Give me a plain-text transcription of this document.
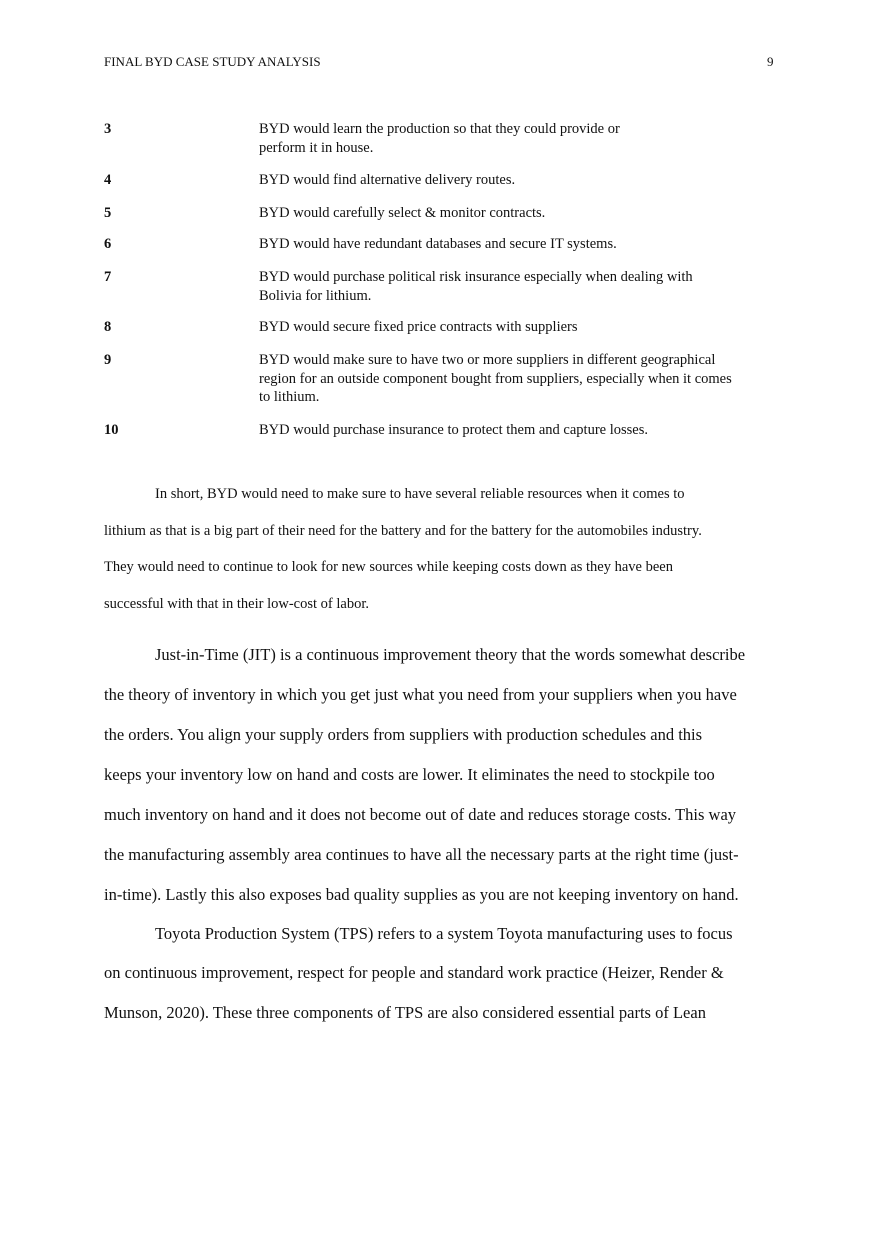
FINAL BYD CASE STUDY ANALYSIS	9
3	BYD would learn the production so that they could provide or
perform it in house.
4	BYD would find alternative delivery routes.
5	BYD would carefully select & monitor contracts.
6	BYD would have redundant databases and secure IT systems.
7	BYD would purchase political risk insurance especially when dealing with
Bolivia for lithium.
8	BYD would secure fixed price contracts with suppliers
9	BYD would make sure to have two or more suppliers in different geographical
region for an outside component bought from suppliers, especially when it comes
to lithium.
10	BYD would purchase insurance to protect them and capture losses.
In short, BYD would need to make sure to have several reliable resources when it comes to
lithium as that is a big part of their need for the battery and for the battery for the automobiles industry.
They would need to continue to look for new sources while keeping costs down as they have been
successful with that in their low-cost of labor.
Just-in-Time (JIT) is a continuous improvement theory that the words somewhat describe
the theory of inventory in which you get just what you need from your suppliers when you have
the orders. You align your supply orders from suppliers with production schedules and this
keeps your inventory low on hand and costs are lower. It eliminates the need to stockpile too
much inventory on hand and it does not become out of date and reduces storage costs. This way
the manufacturing assembly area continues to have all the necessary parts at the right time (just-
in-time). Lastly this also exposes bad quality supplies as you are not keeping inventory on hand.
Toyota Production System (TPS) refers to a system Toyota manufacturing uses to focus
on continuous improvement, respect for people and standard work practice (Heizer, Render &
Munson, 2020). These three components of TPS are also considered essential parts of Lean
